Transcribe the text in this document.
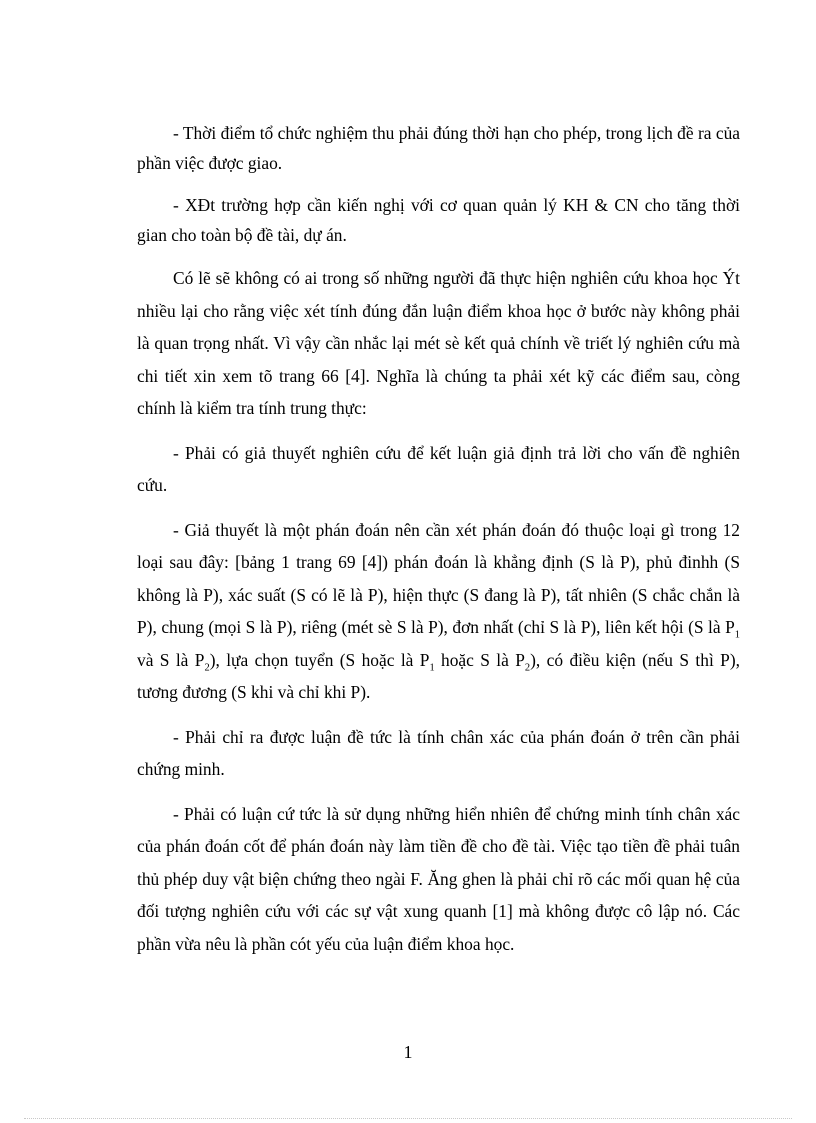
- Thời điểm tổ chức nghiệm thu phải đúng thời hạn cho phép, trong lịch đề ra của phần việc được giao.

- XĐt trường hợp cần kiến nghị với cơ quan quản lý KH & CN cho tăng thời gian cho toàn bộ đề tài, dự án.

Có lẽ sẽ không có ai trong số những người đã thực hiện nghiên cứu khoa học Ýt nhiều lại cho rằng việc xét tính đúng đắn luận điểm khoa học ở bước này không phải là quan trọng nhất. Vì vậy cần nhắc lại mét sè kết quả chính về triết lý nghiên cứu mà chi tiết xin xem tõ trang 66 [4]. Nghĩa là chúng ta phải xét kỹ các điểm sau, còng chính là kiểm tra tính trung thực:

- Phải có giả thuyết nghiên cứu để kết luận giả định trả lời cho vấn đề nghiên cứu.

- Giả thuyết là một phán đoán nên cần xét phán đoán đó thuộc loại gì trong 12 loại sau đây: [bảng 1 trang 69 [4]) phán đoán là khẳng định (S là P), phủ đinhh (S không là P), xác suất (S có lẽ là P), hiện thực (S đang là P), tất nhiên (S chắc chắn là P), chung (mọi S là P), riêng (mét sè S là P), đơn nhất (chỉ S là P), liên kết hội (S là $P_1$ và S là $P_2$), lựa chọn tuyển (S hoặc là $P_1$ hoặc S là $P_2$), có điều kiện (nếu S thì P), tương đương (S khi và chỉ khi P).

- Phải chỉ ra được luận đề tức là tính chân xác của phán đoán ở trên cần phải chứng minh.

- Phải có luận cứ tức là sử dụng những hiển nhiên để chứng minh tính chân xác của phán đoán cốt để phán đoán này làm tiền đề cho đề tài. Việc tạo tiền đề phải tuân thủ phép duy vật biện chứng theo ngài F. Ăng ghen là phải chỉ rõ các mối quan hệ của đối tượng nghiên cứu với các sự vật xung quanh [1] mà không được cô lập nó. Các phần vừa nêu là phần cót yếu của luận điểm khoa học.

1
